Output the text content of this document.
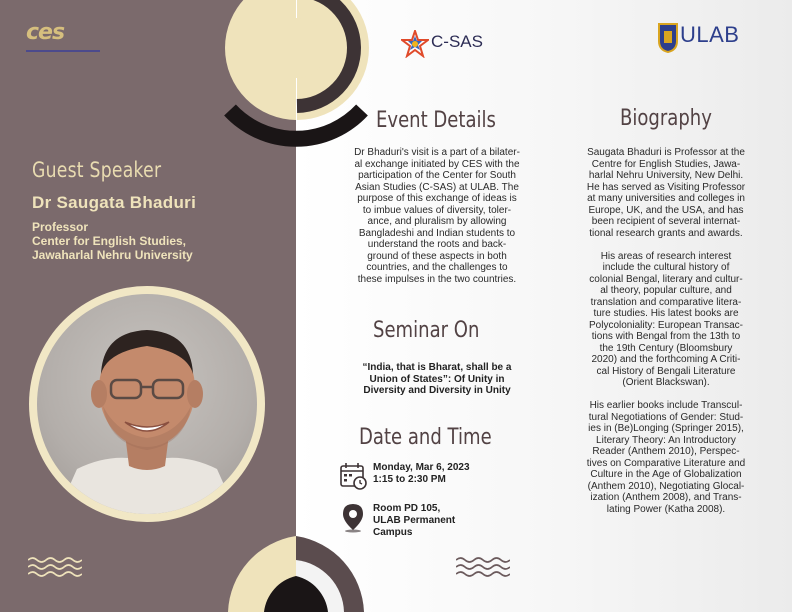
ces
Guest Speaker
Dr Saugata Bhaduri
Professor
Center for English Studies,
Jawaharlal Nehru University
C-SAS	ULAB
Event Details
Dr Bhaduri's visit is a part of a bilater-
al exchange initiated by CES with the
participation of the Center for South
Asian Studies (C-SAS) at ULAB. The
purpose of this exchange of ideas is
to imbue values of diversity, toler-
ance, and pluralism by allowing
Bangladeshi and Indian students to
understand the roots and back-
ground of these aspects in both
countries, and the challenges to
these impulses in the two countries.
Seminar On
“India, that is Bharat, shall be a
Union of States”: Of Unity in
Diversity and Diversity in Unity
Date and Time
Monday, Mar 6, 2023
1:15 to 2:30 PM
Room PD 105,
ULAB Permanent
Campus
Biography
Saugata Bhaduri is Professor at the
Centre for English Studies, Jawa-
harlal Nehru University, New Delhi.
He has served as Visiting Professor
at many universities and colleges in
Europe, UK, and the USA, and has
been recipient of several internat-
tional research grants and awards.
His areas of research interest
include the cultural history of
colonial Bengal, literary and cultur-
al theory, popular culture, and
translation and comparative litera-
ture studies. His latest books are
Polycoloniality: European Transac-
tions with Bengal from the 13th to
the 19th Century (Bloomsbury
2020) and the forthcoming A Criti-
cal History of Bengali Literature
(Orient Blackswan).
His earlier books include Transcul-
tural Negotiations of Gender: Stud-
ies in (Be)Longing (Springer 2015),
Literary Theory: An Introductory
Reader (Anthem 2010), Perspec-
tives on Comparative Literature and
Culture in the Age of Globalization
(Anthem 2010), Negotiating Glocal-
ization (Anthem 2008), and Trans-
lating Power (Katha 2008).
